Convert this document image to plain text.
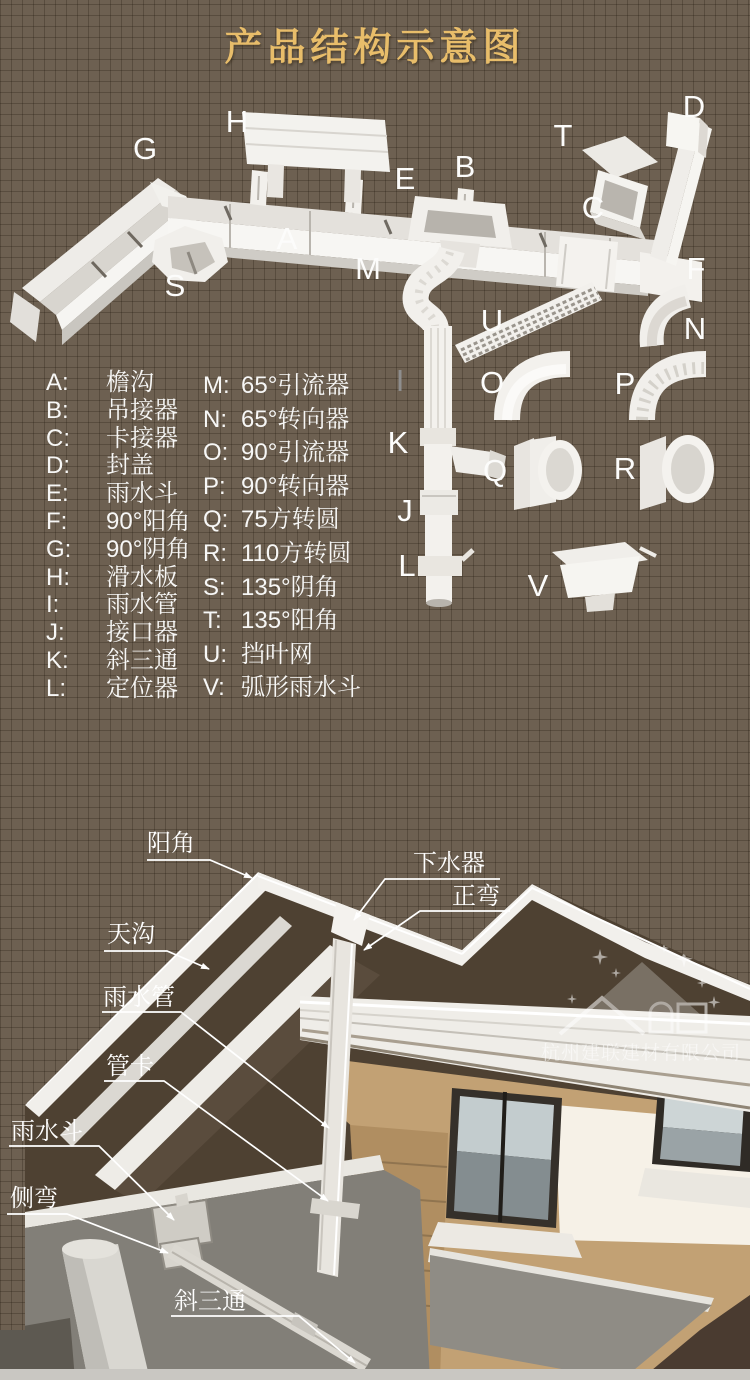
产品结构示意图
A
B
C
D
E
F
G
H
I
J
K
L
M
N
O	P
Q	R
S
T
U
V
A: 檐沟
B: 吊接器
C: 卡接器
D: 封盖
E: 雨水斗
F: 90°阳角
G: 90°阴角
H: 滑水板
I: 雨水管
J: 接口器
K: 斜三通
L: 定位器
M: 65°引流器
N: 65°转向器
O: 90°引流器
P: 90°转向器
Q: 75方转圆
R: 110方转圆
S: 135°阴角
T: 135°阳角
U: 挡叶网
V: 弧形雨水斗
阳角
下水器
正弯
天沟
雨水管
管卡
雨水斗
侧弯
斜三通
杭州建联建材有限公司
